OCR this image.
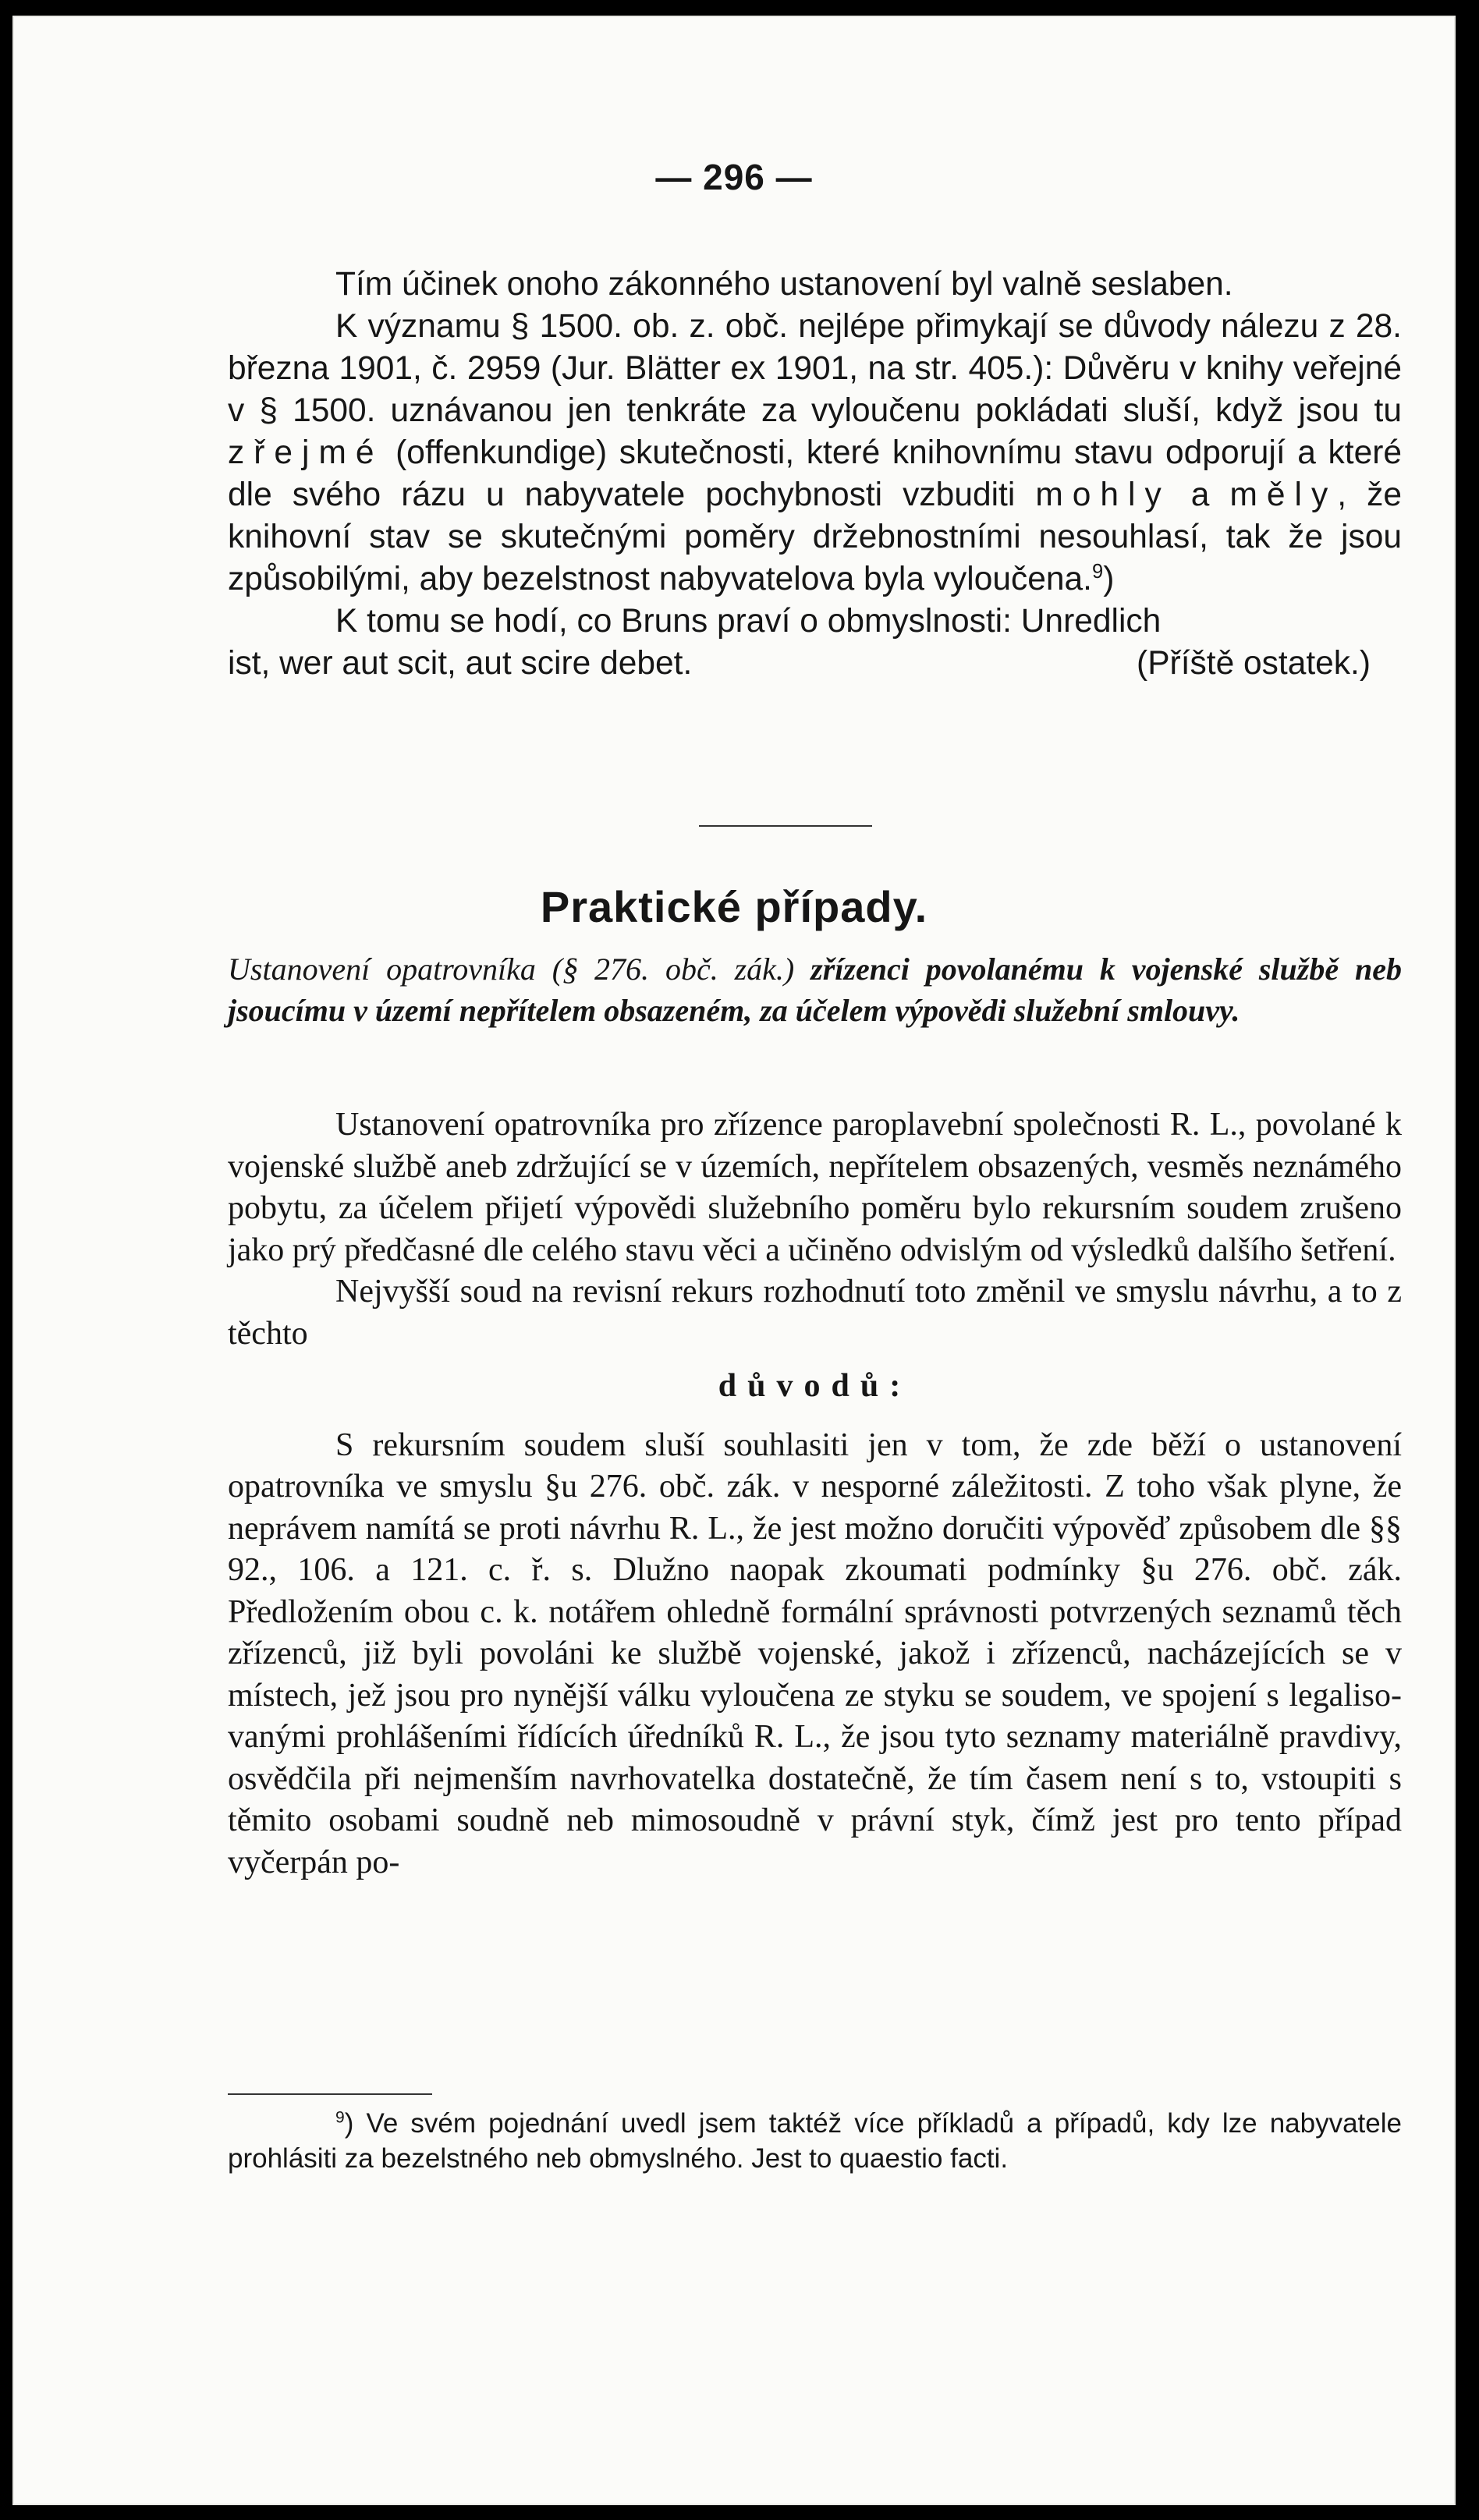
— 296 —

Tím účinek onoho zákonného ustanovení byl valně seslaben.

K významu § 1500. ob. z. obč. nejlépe přimykají se důvody nálezu z 28. března 1901, č. 2959 (Jur. Blätter ex 1901, na str. 405.): Důvěru v knihy veřejné v § 1500. uznávanou jen tenkráte za vyloučenu pokládati sluší, když jsou tu zřejmé (offenkundige) skutečnosti, které knihovnímu stavu odporují a které dle svého rázu u nabyvatele pochybnosti vzbuditi mohly a měly, že knihovní stav se skutečnými poměry držebnostními nesouhlasí, tak že jsou způsobilými, aby bezelstnost nabyvatelova byla vyloučena.$^9$)

K tomu se hodí, co Bruns praví o obmyslnosti: Unredlich

ist, wer aut scit, aut scire debet.	(Příště ostatek.)
Praktické případy.

Ustanovení opatrovníka (§ 276. obč. zák.) zřízenci povolanému k vojenské službě neb jsoucímu v území nepřítelem obsazeném, za účelem výpovědi služební smlouvy.

Ustanovení opatrovníka pro zřízence paroplavební společnosti R. L., povolané k vojenské službě aneb zdržující se v územích, nepřítelem obsazených, vesměs neznámého pobytu, za účelem přijetí výpovědi služebního poměru bylo rekursním soudem zrušeno jako prý předčasné dle celého stavu věci a učiněno odvislým od výsledků dalšího šetření.

Nejvyšší soud na revisní rekurs rozhodnutí toto změnil ve smyslu návrhu, a to z těchto

důvodů:

S rekursním soudem sluší souhlasiti jen v tom, že zde běží o ustanovení opatrovníka ve smyslu §u 276. obč. zák. v nesporné záležitosti. Z toho však plyne, že neprávem namítá se proti návrhu R. L., že jest možno doručiti výpověď způsobem dle §§ 92., 106. a 121. c. ř. s. Dlužno naopak zkoumati podmínky §u 276. obč. zák. Předložením obou c. k. notářem ohledně formální správnosti potvrzených seznamů těch zřízenců, již byli povoláni ke službě vojenské, jakož i zřízenců, nacházejících se v místech, jež jsou pro nynější válku vyloučena ze styku se soudem, ve spojení s legalisovanými prohlášeními řídících úředníků R. L., že jsou tyto seznamy materiálně pravdivy, osvědčila při nejmenším navrhovatelka dostatečně, že tím časem není s to, vstoupiti s těmito osobami soudně neb mimosoudně v právní styk, čímž jest pro tento případ vyčerpán po-

$^9$) Ve svém pojednání uvedl jsem taktéž více příkladů a případů, kdy lze nabyvatele prohlásiti za bezelstného neb obmyslného. Jest to quaestio facti.
